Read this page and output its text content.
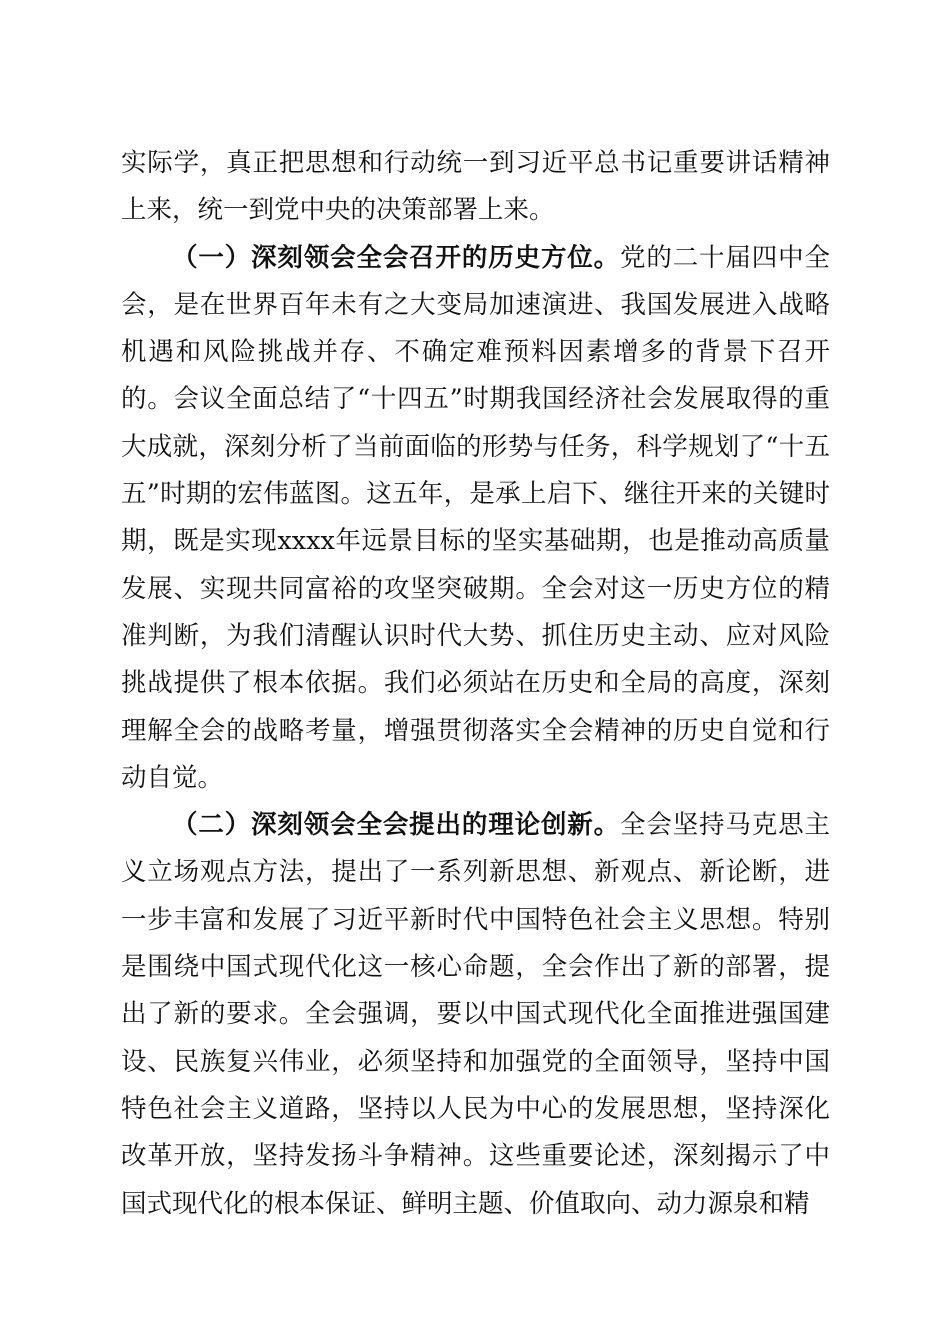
实际学，真正把思想和行动统一到习近平总书记重要讲话精神上来，统一到党中央的决策部署上来。

（一）深刻领会全会召开的历史方位。党的二十届四中全会，是在世界百年未有之大变局加速演进、我国发展进入战略机遇和风险挑战并存、不确定难预料因素增多的背景下召开的。会议全面总结了“十四五”时期我国经济社会发展取得的重大成就，深刻分析了当前面临的形势与任务，科学规划了“十五五”时期的宏伟蓝图。这五年，是承上启下、继往开来的关键时期，既是实现xxxx年远景目标的坚实基础期，也是推动高质量发展、实现共同富裕的攻坚突破期。全会对这一历史方位的精准判断，为我们清醒认识时代大势、抓住历史主动、应对风险挑战提供了根本依据。我们必须站在历史和全局的高度，深刻理解全会的战略考量，增强贯彻落实全会精神的历史自觉和行动自觉。

（二）深刻领会全会提出的理论创新。全会坚持马克思主义立场观点方法，提出了一系列新思想、新观点、新论断，进一步丰富和发展了习近平新时代中国特色社会主义思想。特别是围绕中国式现代化这一核心命题，全会作出了新的部署，提出了新的要求。全会强调，要以中国式现代化全面推进强国建设、民族复兴伟业，必须坚持和加强党的全面领导，坚持中国特色社会主义道路，坚持以人民为中心的发展思想，坚持深化改革开放，坚持发扬斗争精神。这些重要论述，深刻揭示了中国式现代化的根本保证、鲜明主题、价值取向、动力源泉和精
